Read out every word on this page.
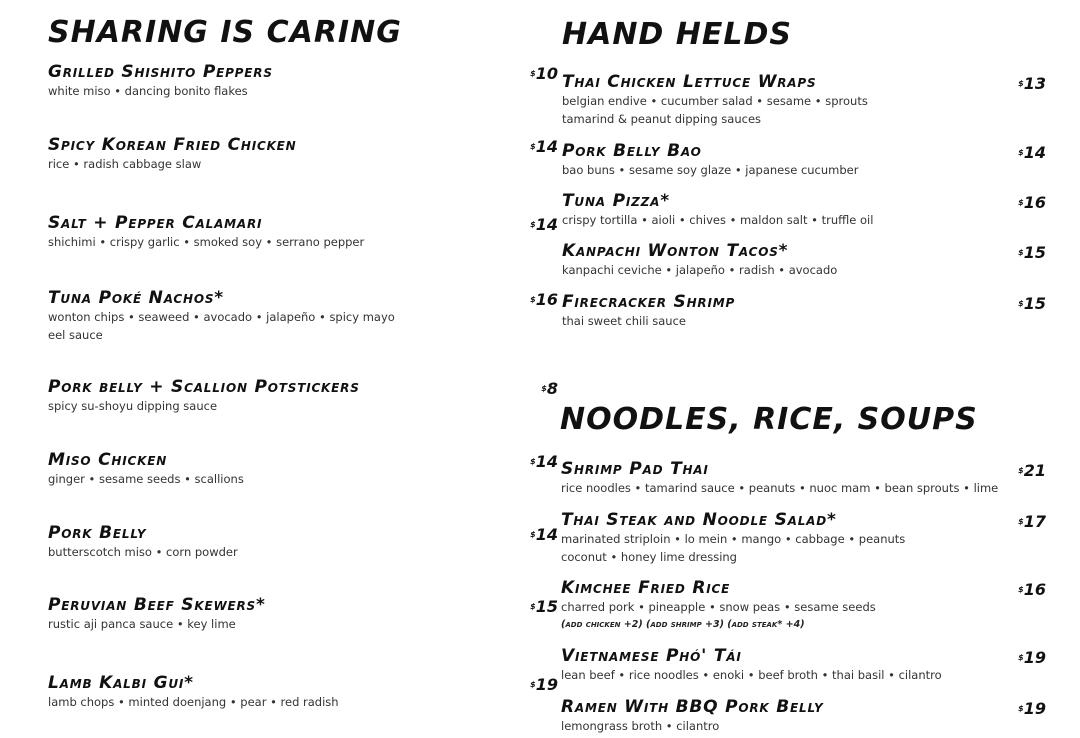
SHARING IS CARING
Grilled Shishito Peppers
white miso • dancing bonito flakes
$10
Spicy Korean Fried Chicken
rice • radish cabbage slaw
$14
Salt + Pepper Calamari
shichimi • crispy garlic • smoked soy • serrano pepper
$14
Tuna Poké Nachos*
wonton chips • seaweed • avocado • jalapeño • spicy mayo
eel sauce
$16
Pork belly + Scallion Potstickers
spicy su-shoyu dipping sauce
$8
Miso Chicken
ginger • sesame seeds • scallions
$14
Pork Belly
butterscotch miso • corn powder
$14
Peruvian Beef Skewers*
rustic aji panca sauce • key lime
$15
Lamb Kalbi Gui*
lamb chops • minted doenjang • pear • red radish
$19
HAND HELDS
Thai Chicken Lettuce Wraps
belgian endive • cucumber salad • sesame • sprouts
tamarind & peanut dipping sauces
$13
Pork Belly Bao
bao buns • sesame soy glaze • japanese cucumber
$14
Tuna Pizza*
crispy tortilla • aioli • chives • maldon salt • truffle oil
$16
Kanpachi Wonton Tacos*
kanpachi ceviche • jalapeño • radish • avocado
$15
Firecracker Shrimp
thai sweet chili sauce
$15
NOODLES, RICE, SOUPS
Shrimp Pad Thai
rice noodles • tamarind sauce • peanuts • nuoc mam • bean sprouts • lime
$21
Thai Steak and Noodle Salad*
marinated striploin • lo mein • mango • cabbage • peanuts
coconut • honey lime dressing
$17
Kimchee Fried Rice
charred pork • pineapple • snow peas • sesame seeds
(add chicken +2) (add shrimp +3) (add steak* +4)
$16
Vietnamese Phó' Tái
lean beef • rice noodles • enoki • beef broth • thai basil • cilantro
$19
Ramen With BBQ Pork Belly
lemongrass broth • cilantro
$19
